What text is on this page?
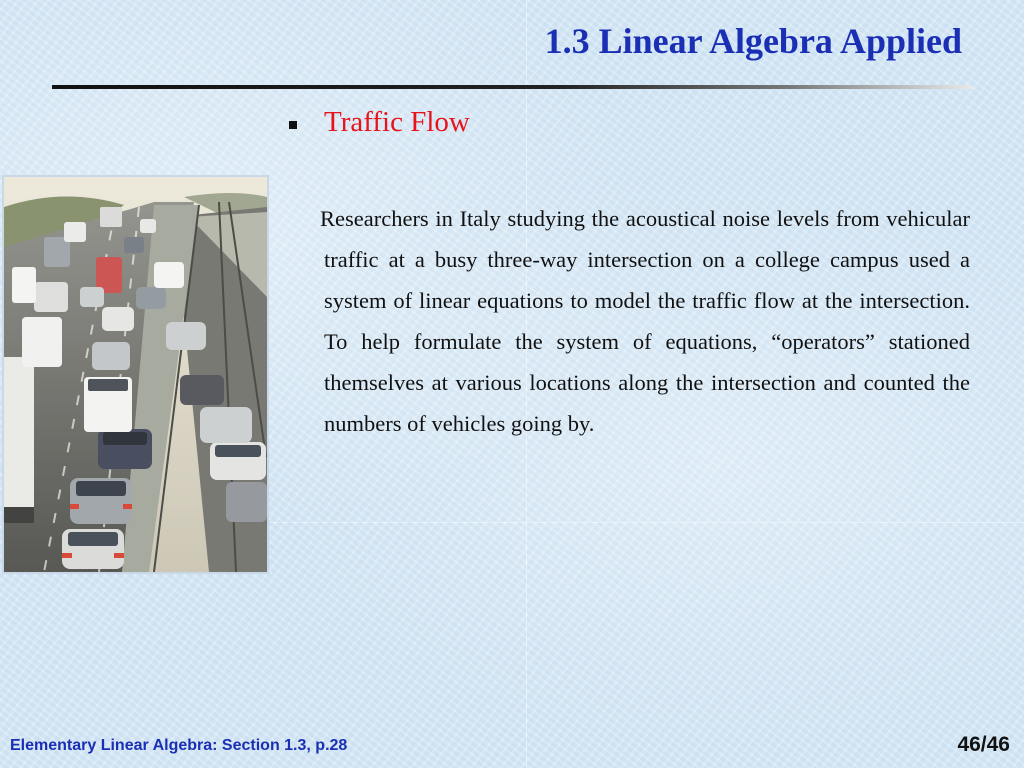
1.3 Linear Algebra Applied
Traffic Flow

Researchers in Italy studying the acoustical noise levels from vehicular traffic at a busy three-way intersection on a college campus used a system of linear equations to model the traffic flow at the intersection. To help formulate the system of equations, “operators” stationed themselves at various locations along the intersection and counted the numbers of vehicles going by.

Elementary Linear Algebra: Section 1.3, p.28	46/46
